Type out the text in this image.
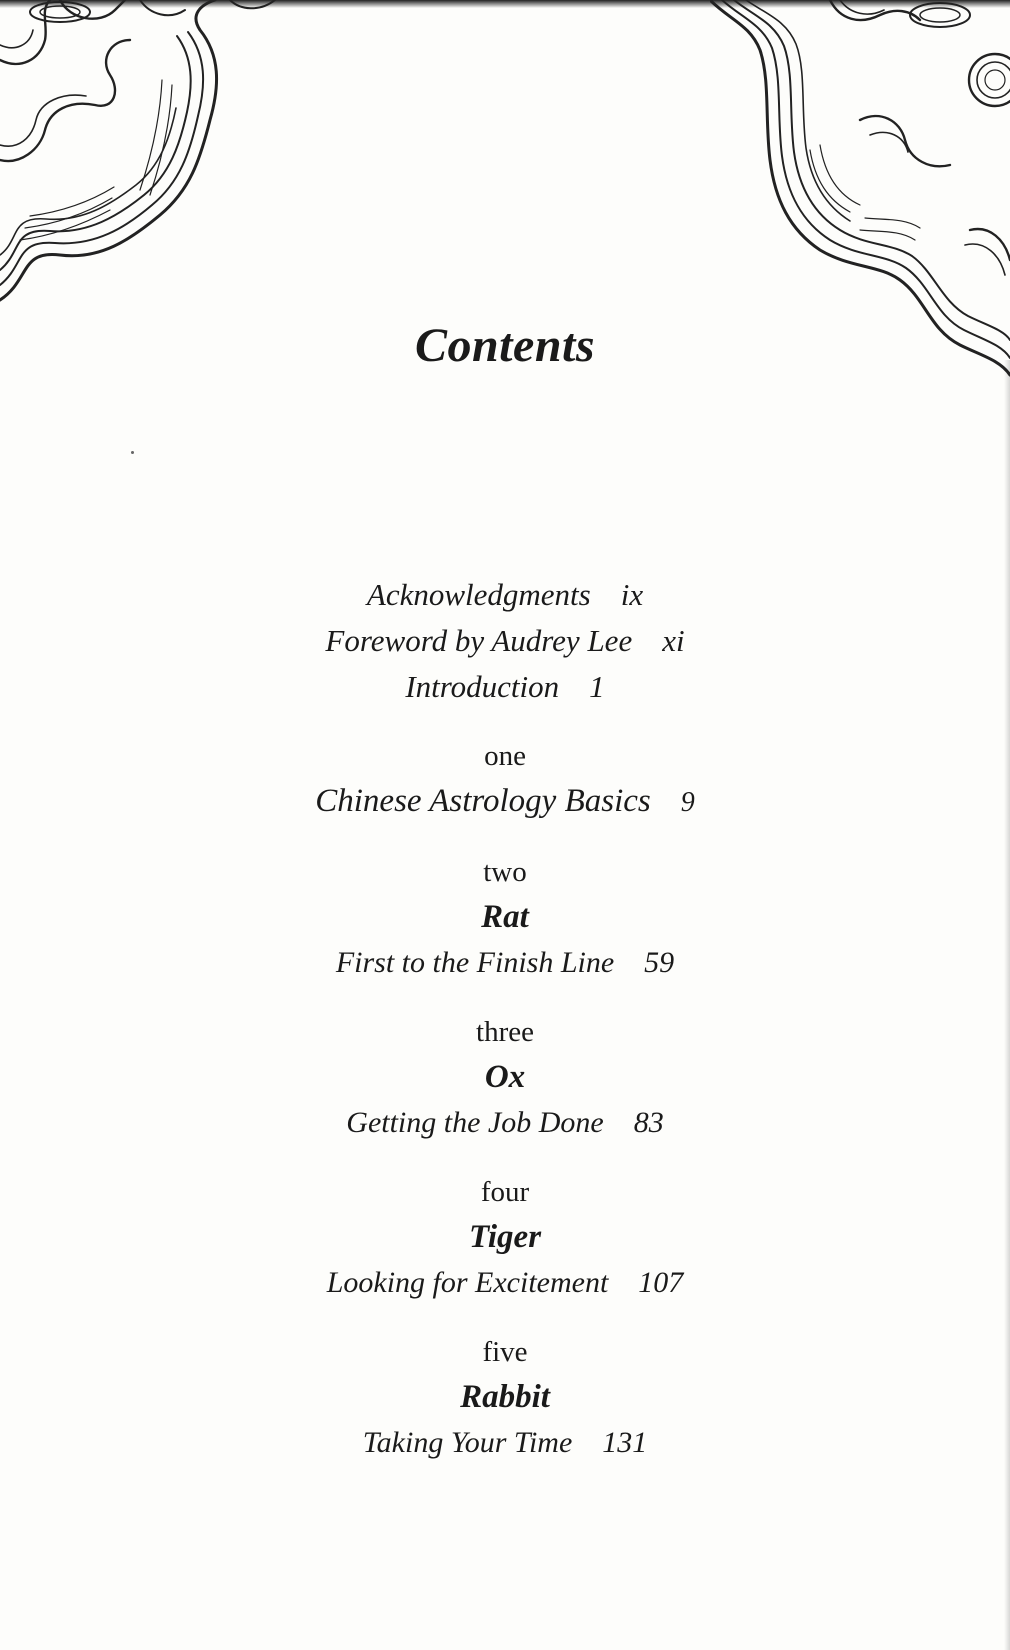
Contents
Acknowledgments ix
Foreword by Audrey Lee xi
Introduction 1
one
Chinese Astrology Basics 9
two
Rat
First to the Finish Line 59
three
Ox
Getting the Job Done 83
four
Tiger
Looking for Excitement 107
five
Rabbit
Taking Your Time 131
